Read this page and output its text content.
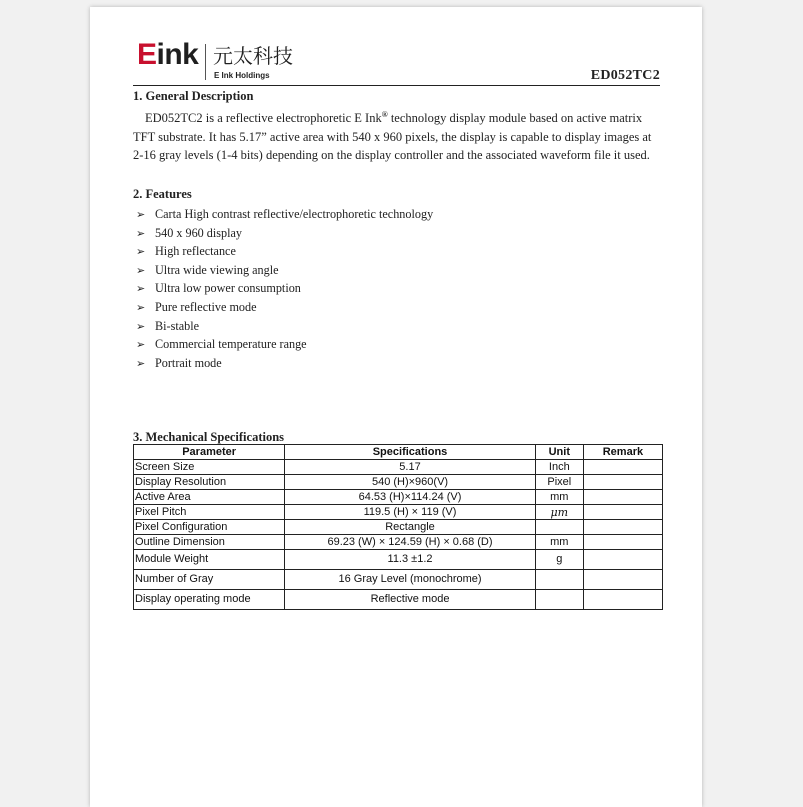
Eink 元太科技
E Ink Holdings	ED052TC2
1. General Description
ED052TC2 is a reflective electrophoretic E Ink® technology display module based on active matrix
TFT substrate. It has 5.17” active area with 540 x 960 pixels, the display is capable to display images at
2-16 gray levels (1-4 bits) depending on the display controller and the associated waveform file it used.
2. Features
➢ Carta High contrast reflective/electrophoretic technology
➢ 540 x 960 display
➢ High reflectance
➢ Ultra wide viewing angle
➢ Ultra low power consumption
➢ Pure reflective mode
➢ Bi-stable
➢ Commercial temperature range
➢ Portrait mode
3. Mechanical Specifications
Parameter	Specifications	Unit	Remark
Screen Size	5.17	Inch	
Display Resolution	540 (H)×960(V)	Pixel	
Active Area	64.53 (H)×114.24 (V)	mm	
Pixel Pitch	119.5 (H) × 119 (V)	μm	
Pixel Configuration	Rectangle		
Outline Dimension	69.23 (W) × 124.59 (H) × 0.68 (D)	mm	
Module Weight	11.3 ±1.2	g	
Number of Gray	16 Gray Level (monochrome)		
Display operating mode	Reflective mode		
